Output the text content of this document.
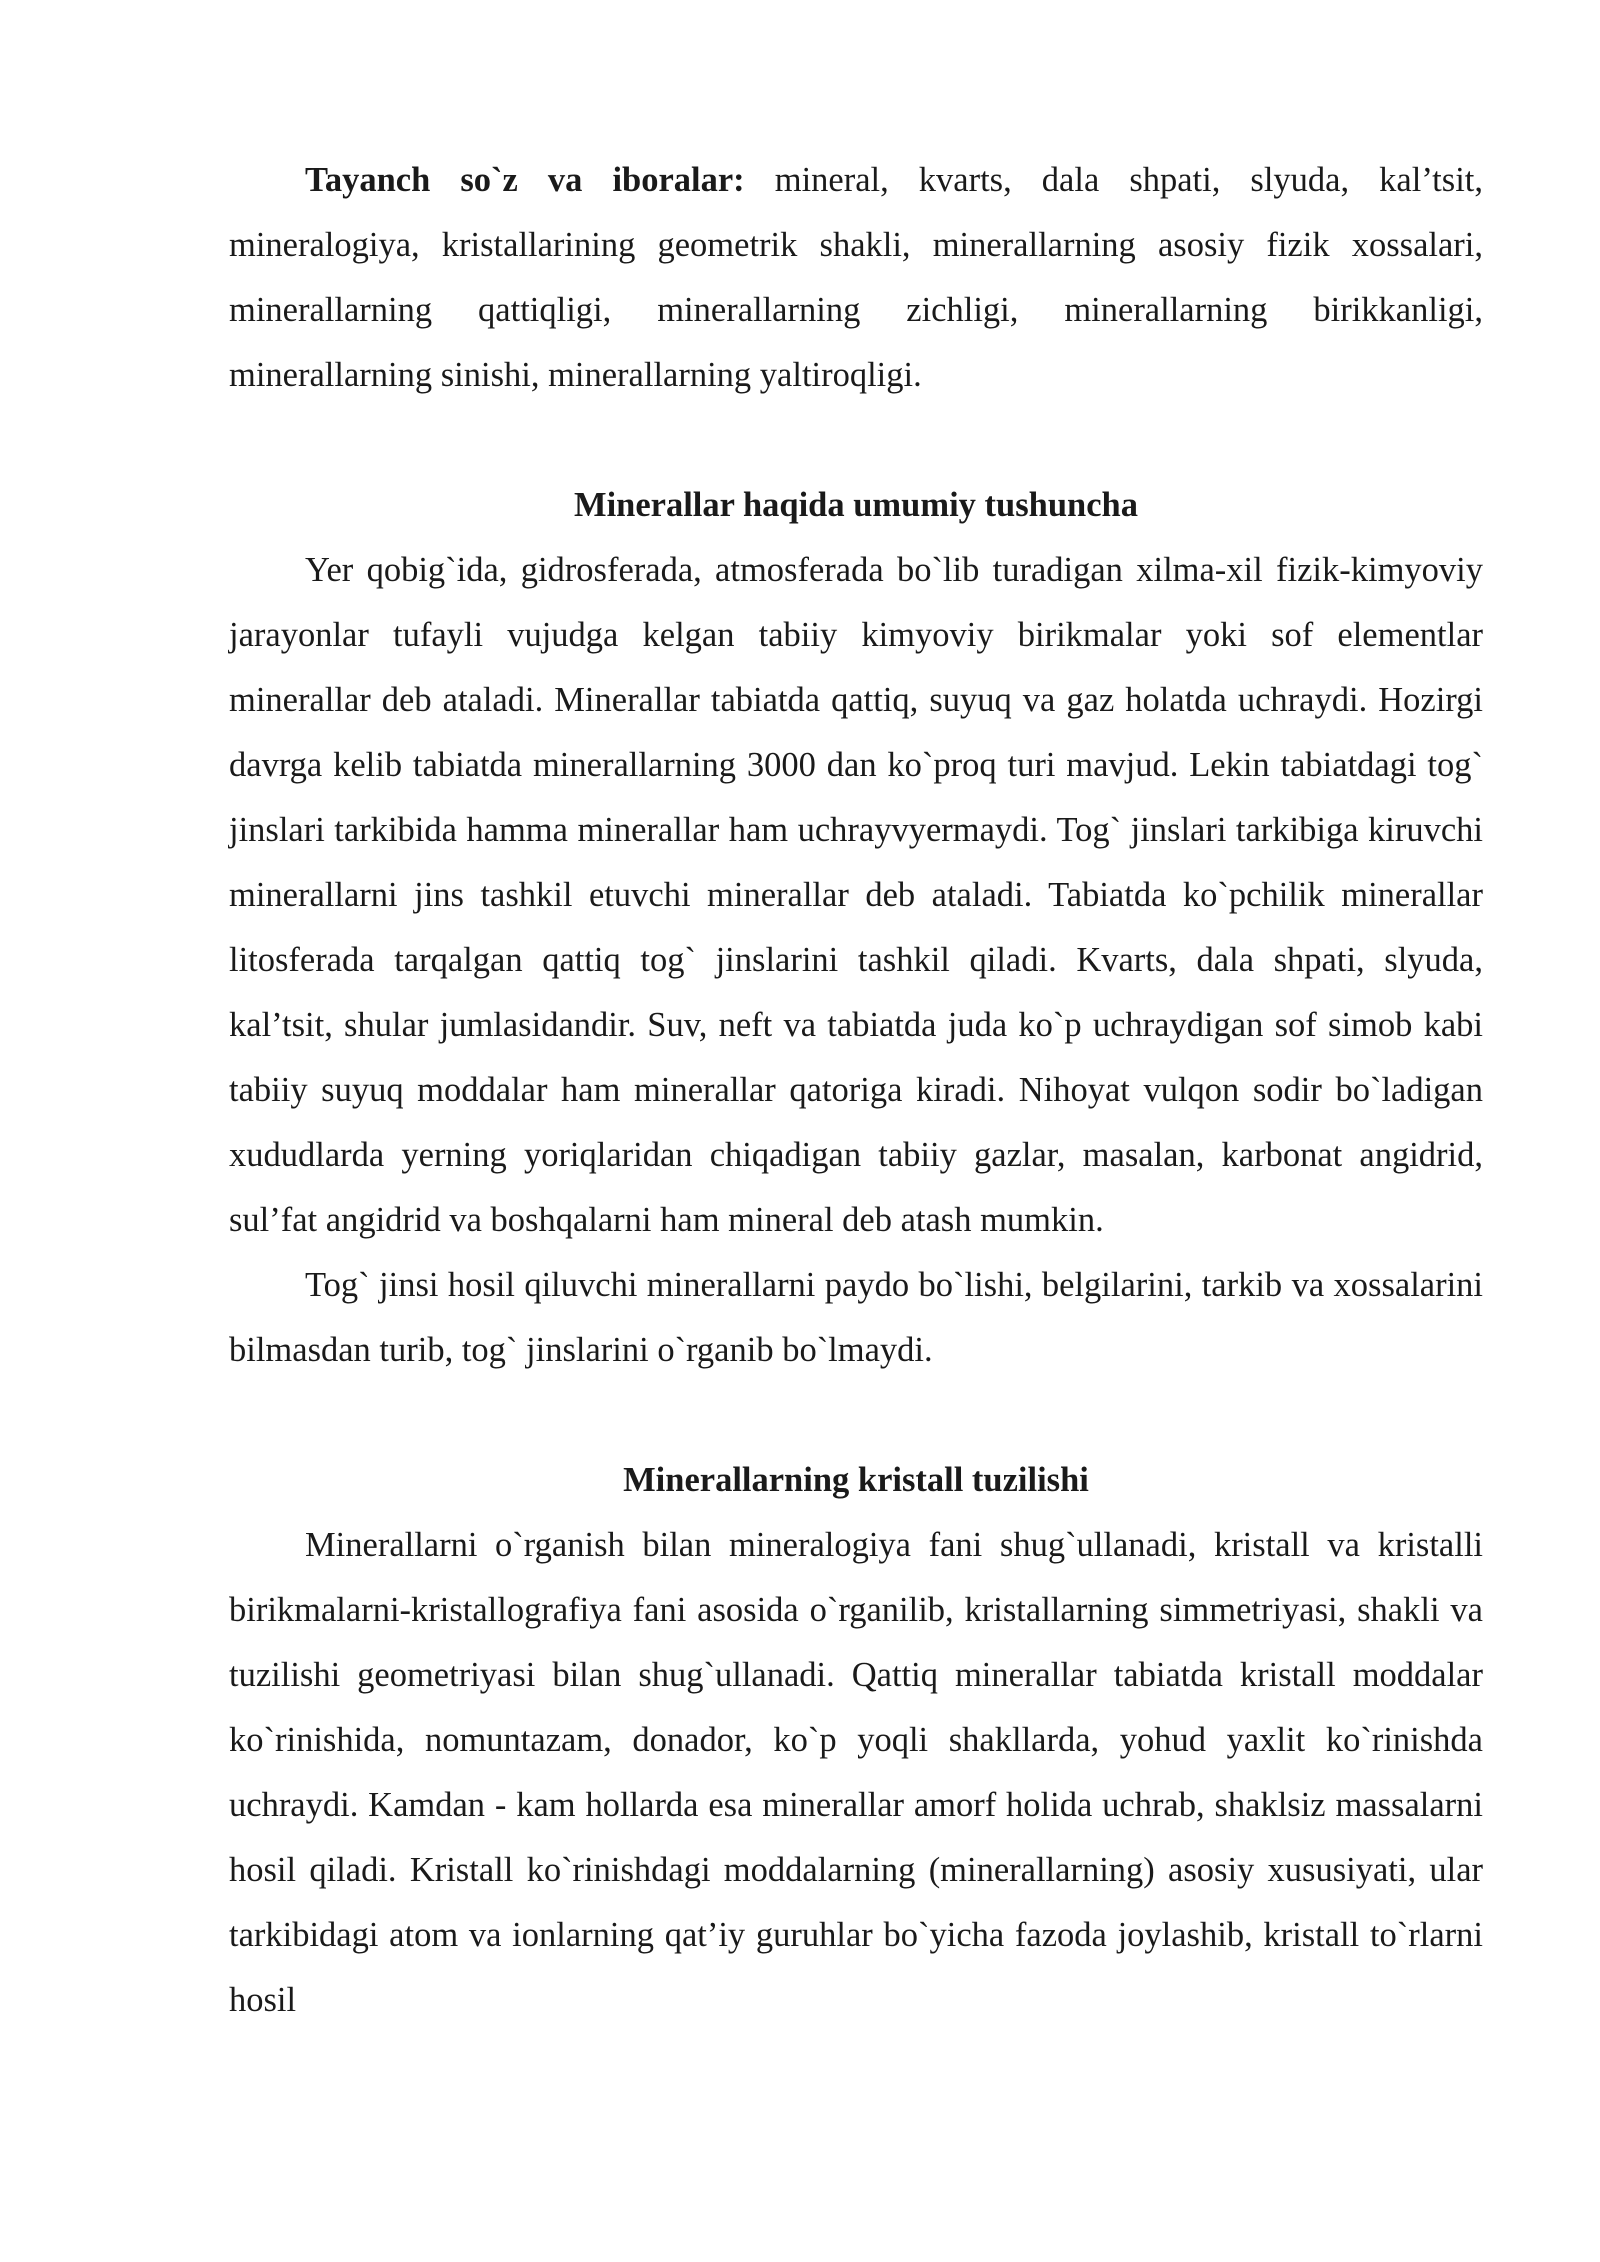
Tayanch so`z va iboralar: mineral, kvarts, dala shpati, slyuda, kal’tsit, mineralogiya, kristallarining geometrik shakli, minerallarning asosiy fizik xossalari, minerallarning qattiqligi, minerallarning zichligi, minerallarning birikkanligi, minerallarning sinishi, minerallarning yaltiroqligi.

Minerallar haqida umumiy tushuncha

Yer qobig`ida, gidrosferada, atmosferada bo`lib turadigan xilma-xil fizik-kimyoviy jarayonlar tufayli vujudga kelgan tabiiy kimyoviy birikmalar yoki sof elementlar minerallar deb ataladi. Minerallar tabiatda qattiq, suyuq va gaz holatda uchraydi. Hozirgi davrga kelib tabiatda minerallarning 3000 dan ko`proq turi mavjud. Lekin tabiatdagi tog` jinslari tarkibida hamma minerallar ham uchrayvyermaydi. Tog` jinslari tarkibiga kiruvchi minerallarni jins tashkil etuvchi minerallar deb ataladi. Tabiatda ko`pchilik minerallar litosferada tarqalgan qattiq tog` jinslarini tashkil qiladi. Kvarts, dala shpati, slyuda, kal’tsit, shular jumlasidandir. Suv, neft va tabiatda juda ko`p uchraydigan sof simob kabi tabiiy suyuq moddalar ham minerallar qatoriga kiradi. Nihoyat vulqon sodir bo`ladigan xududlarda yerning yoriqlaridan chiqadigan tabiiy gazlar, masalan, karbonat angidrid, sul’fat angidrid va boshqalarni ham mineral deb atash mumkin.

Tog` jinsi hosil qiluvchi minerallarni paydo bo`lishi, belgilarini, tarkib va xossalarini bilmasdan turib, tog` jinslarini o`rganib bo`lmaydi.

Minerallarning kristall tuzilishi

Minerallarni o`rganish bilan mineralogiya fani shug`ullanadi, kristall va kristalli birikmalarni-kristallografiya fani asosida o`rganilib, kristallarning simmetriyasi, shakli va tuzilishi geometriyasi bilan shug`ullanadi. Qattiq minerallar tabiatda kristall moddalar ko`rinishida, nomuntazam, donador, ko`p yoqli shakllarda, yohud yaxlit ko`rinishda uchraydi. Kamdan - kam hollarda esa minerallar amorf holida uchrab, shaklsiz massalarni hosil qiladi. Kristall ko`rinishdagi moddalarning (minerallarning) asosiy xususiyati, ular tarkibidagi atom va ionlarning qat’iy guruhlar bo`yicha fazoda joylashib, kristall to`rlarni hosil
